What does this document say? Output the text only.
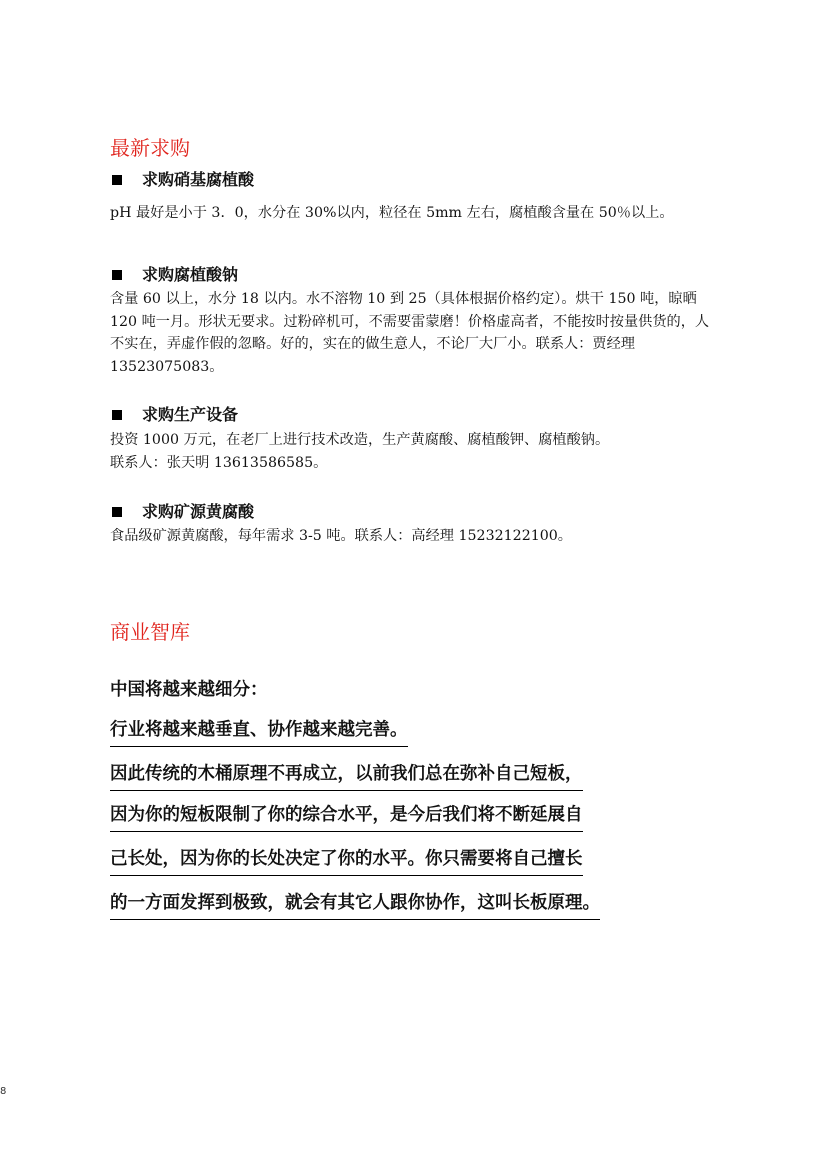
最新求购
求购硝基腐植酸

pH 最好是小于 3．0，水分在 30%以内，粒径在 5mm 左右，腐植酸含量在 50％以上。

求购腐植酸钠

含量 60 以上，水分 18 以内。水不溶物 10 到 25（具体根据价格约定）。烘干 150 吨，晾晒 120 吨一月。形状无要求。过粉碎机可，不需要雷蒙磨！价格虚高者，不能按时按量供货的，人不实在，弄虚作假的忽略。好的，实在的做生意人，不论厂大厂小。联系人：贾经理 13523075083。

求购生产设备

投资 1000 万元，在老厂上进行技术改造，生产黄腐酸、腐植酸钾、腐植酸钠。

联系人：张天明 13613586585。

求购矿源黄腐酸

食品级矿源黄腐酸，每年需求 3-5 吨。联系人：高经理 15232122100。

商业智库
中国将越来越细分：
行业将越来越垂直、协作越来越完善。
因此传统的木桶原理不再成立，以前我们总在弥补自己短板，
因为你的短板限制了你的综合水平，是今后我们将不断延展自
己长处，因为你的长处决定了你的水平。你只需要将自己擅长
的一方面发挥到极致，就会有其它人跟你协作，这叫长板原理。
8
